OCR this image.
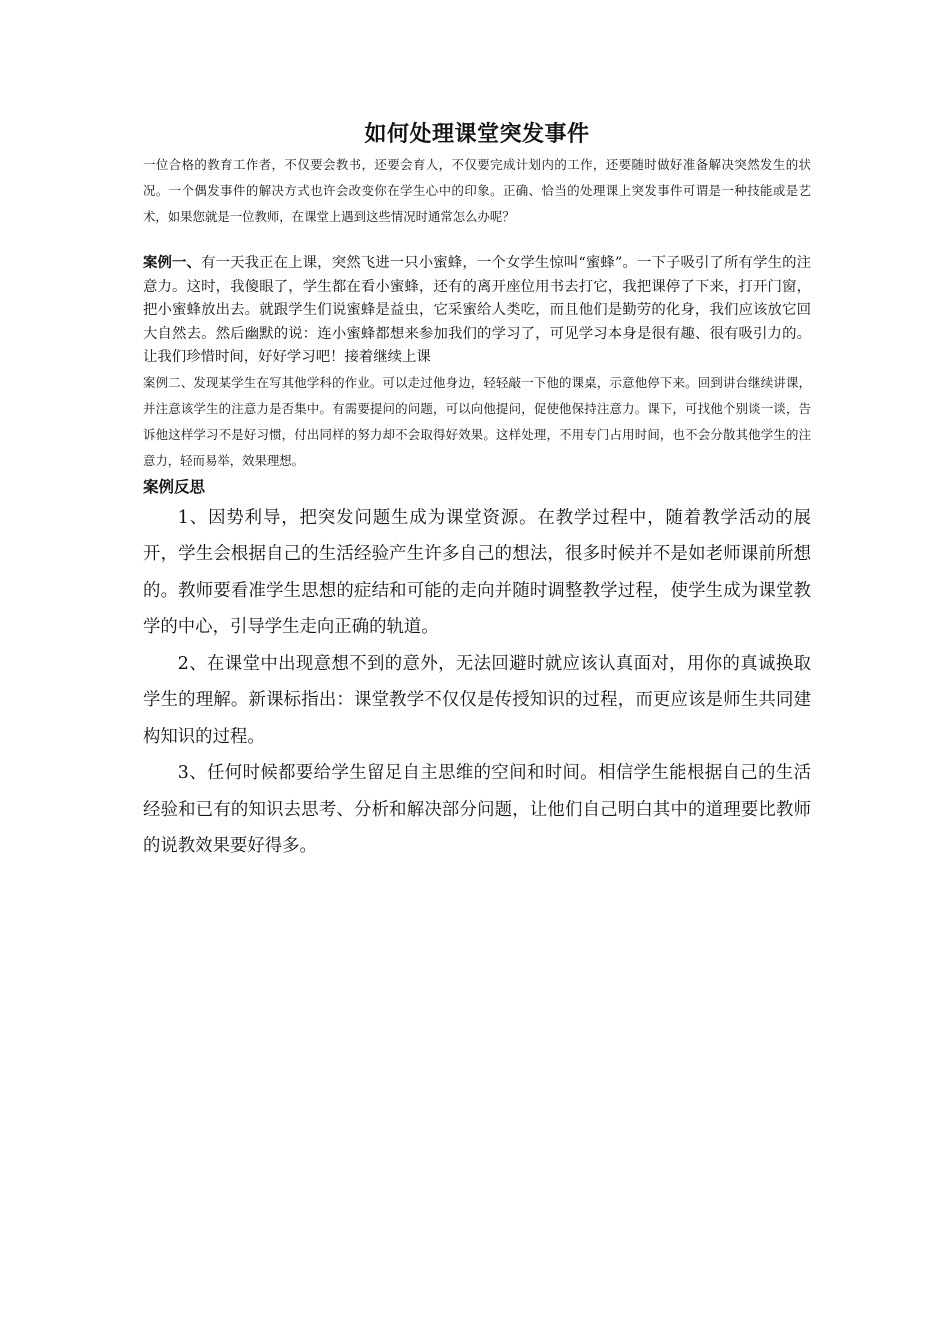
如何处理课堂突发事件

一位合格的教育工作者，不仅要会教书，还要会育人，不仅要完成计划内的工作，还要随时做好准备解决突然发生的状况。一个偶发事件的解决方式也许会改变你在学生心中的印象。正确、恰当的处理课上突发事件可谓是一种技能或是艺术，如果您就是一位教师，在课堂上遇到这些情况时通常怎么办呢？

案例一、有一天我正在上课，突然飞进一只小蜜蜂，一个女学生惊叫“蜜蜂”。一下子吸引了所有学生的注意力。这时，我傻眼了，学生都在看小蜜蜂，还有的离开座位用书去打它，我把课停了下来，打开门窗，把小蜜蜂放出去。就跟学生们说蜜蜂是益虫，它采蜜给人类吃，而且他们是勤劳的化身，我们应该放它回大自然去。然后幽默的说：连小蜜蜂都想来参加我们的学习了，可见学习本身是很有趣、很有吸引力的。让我们珍惜时间，好好学习吧！接着继续上课

案例二、发现某学生在写其他学科的作业。可以走过他身边，轻轻敲一下他的课桌，示意他停下来。回到讲台继续讲课，并注意该学生的注意力是否集中。有需要提问的问题，可以向他提问，促使他保持注意力。课下，可找他个别谈一谈，告诉他这样学习不是好习惯，付出同样的努力却不会取得好效果。这样处理，不用专门占用时间，也不会分散其他学生的注意力，轻而易举，效果理想。

案例反思

1、因势利导，把突发问题生成为课堂资源。在教学过程中，随着教学活动的展开，学生会根据自己的生活经验产生许多自己的想法，很多时候并不是如老师课前所想的。教师要看准学生思想的症结和可能的走向并随时调整教学过程，使学生成为课堂教学的中心，引导学生走向正确的轨道。

2、在课堂中出现意想不到的意外，无法回避时就应该认真面对，用你的真诚换取学生的理解。新课标指出：课堂教学不仅仅是传授知识的过程，而更应该是师生共同建构知识的过程。

3、任何时候都要给学生留足自主思维的空间和时间。相信学生能根据自己的生活经验和已有的知识去思考、分析和解决部分问题，让他们自己明白其中的道理要比教师的说教效果要好得多。
